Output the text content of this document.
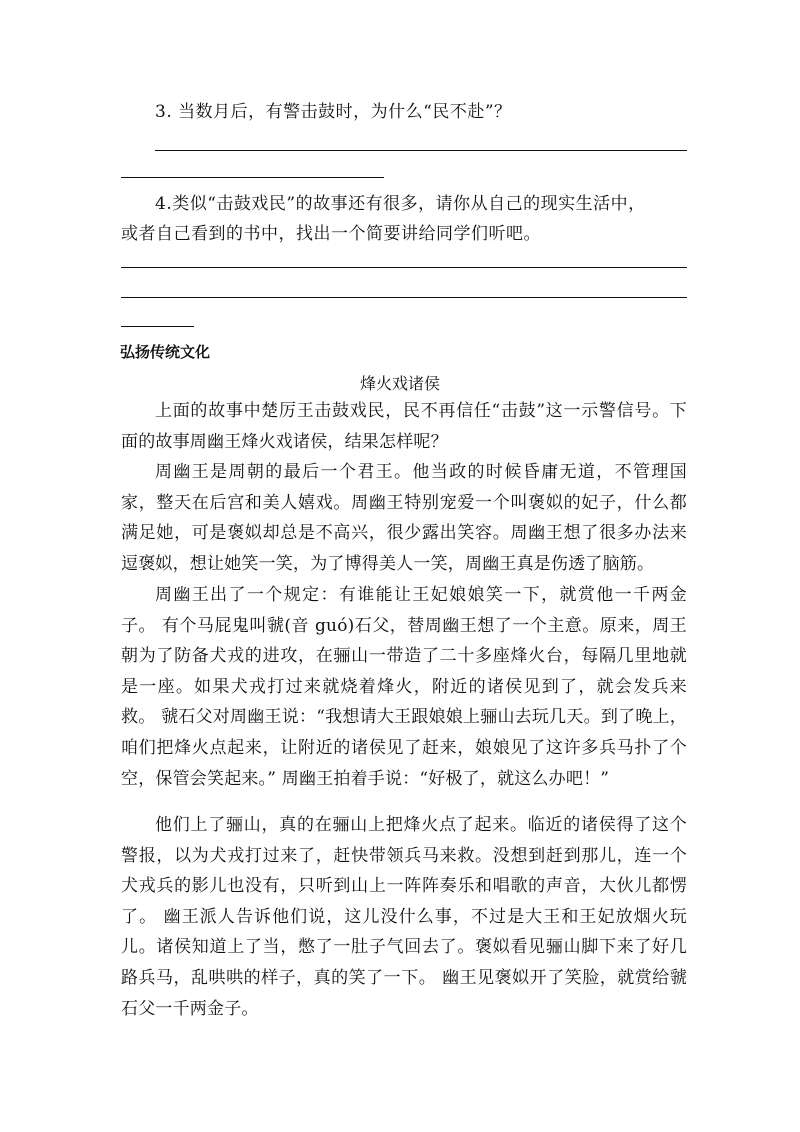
3. 当数月后，有警击鼓时，为什么“民不赴”？
4.类似“击鼓戏民”的故事还有很多，请你从自己的现实生活中，
或者自己看到的书中，找出一个简要讲给同学们听吧。
弘扬传统文化
烽火戏诸侯
上面的故事中楚厉王击鼓戏民，民不再信任“击鼓”这一示警信号。下面的故事周幽王烽火戏诸侯，结果怎样呢？
周幽王是周朝的最后一个君王。他当政的时候昏庸无道，不管理国家，整天在后宫和美人嬉戏。周幽王特别宠爱一个叫褒姒的妃子，什么都满足她，可是褒姒却总是不高兴，很少露出笑容。周幽王想了很多办法来逗褒姒，想让她笑一笑，为了博得美人一笑，周幽王真是伤透了脑筋。
周幽王出了一个规定：有谁能让王妃娘娘笑一下，就赏他一千两金子。 有个马屁鬼叫虢(音 guó)石父，替周幽王想了一个主意。原来，周王朝为了防备犬戎的进攻，在骊山一带造了二十多座烽火台，每隔几里地就是一座。如果犬戎打过来就烧着烽火，附近的诸侯见到了，就会发兵来救。 虢石父对周幽王说：“我想请大王跟娘娘上骊山去玩几天。到了晚上，咱们把烽火点起来，让附近的诸侯见了赶来，娘娘见了这许多兵马扑了个空，保管会笑起来。” 周幽王拍着手说：“好极了，就这么办吧！”
他们上了骊山，真的在骊山上把烽火点了起来。临近的诸侯得了这个警报，以为犬戎打过来了，赶快带领兵马来救。没想到赶到那儿，连一个犬戎兵的影儿也没有，只听到山上一阵阵奏乐和唱歌的声音，大伙儿都愣了。 幽王派人告诉他们说，这儿没什么事，不过是大王和王妃放烟火玩儿。诸侯知道上了当，憋了一肚子气回去了。褒姒看见骊山脚下来了好几路兵马，乱哄哄的样子，真的笑了一下。 幽王见褒姒开了笑脸，就赏给虢石父一千两金子。
